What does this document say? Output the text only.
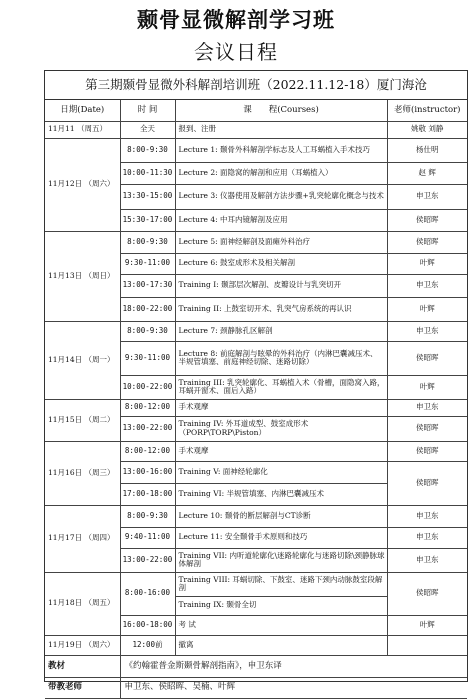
颞骨显微解剖学习班
会议日程
第三期颞骨显微外科解剖培训班（2022.11.12-18）厦门海沧
日期(Date)	时 间	课　　程(Courses)	老师(instructor)
11月11 （周五）	全天	报到、注册	姚敬 刘静
11月12日 （周六）	8:00-9:30	Lecture 1: 颞骨外科解剖学标志及人工耳蜗植入手术技巧	杨仕明
	10:00-11:30	Lecture 2: 面隐窝的解剖和应用（耳蜗植入）	赵 辉
	13:30-15:00	Lecture 3: 仪器使用及解剖方法步骤+乳突轮廓化概念与技术	申卫东
	15:30-17:00	Lecture 4: 中耳内镜解剖及应用	侯昭晖
11月13日 （周日）	8:00-9:30	Lecture 5: 面神经解剖及面瘫外科治疗	侯昭晖
	9:30-11:00	Lecture 6: 鼓室成形术及相关解剖	叶辉
	13:00-17:30	Training I: 颞部层次解剖、皮瓣设计与乳突切开	申卫东
	18:00-22:00	Training II: 上鼓室切开术、乳突气房系统的再认识	叶辉
11月14日 （周一）	8:00-9:30	Lecture 7: 颈静脉孔区解剖	申卫东
	9:30-11:00	Lecture 8: 前庭解剖与眩晕的外科治疗（内淋巴囊减压术、半规管填塞、前庭神经切除、迷路切除）	侯昭晖
	10:00-22:00	Training III: 乳突轮廓化、耳蜗植入术（骨槽，面隐窝入路，耳蜗开窗术、面后入路）	叶辉
11月15日 （周二）	8:00-12:00	手术观摩	申卫东
	13:00-22:00	Training IV: 外耳道成型、鼓室成形术（PORP\TORP\Piston）	侯昭晖
11月16日 （周三）	8:00-12:00	手术观摩	侯昭晖
	13:00-16:00	Training V: 面神经轮廓化	侯昭晖
	17:00-18:00	Training VI: 半规管填塞、内淋巴囊减压术	
11月17日 （周四）	8:00-9:30	Lecture 10: 颞骨的断层解剖与CT诊断	申卫东
	9:40-11:00	Lecture 11: 安全颞骨手术原则和技巧	申卫东
	13:00-22:00	Training VII: 内听道轮廓化\迷路轮廓化与迷路切除\颈静脉球体解剖	申卫东
11月18日 （周五）	8:00-16:00	Training VIII: 耳蜗切除、下鼓室、迷路下颈内动脉鼓室段解剖	侯昭晖
		Training IX: 颞骨全切	
	16:00-18:00	考 试	叶辉
11月19日 （周六）	12:00前	撤离	
教材	《约翰霍普金斯颞骨解剖指南》，申卫东译		
带教老师	申卫东、侯昭晖、吴楠、叶辉		
